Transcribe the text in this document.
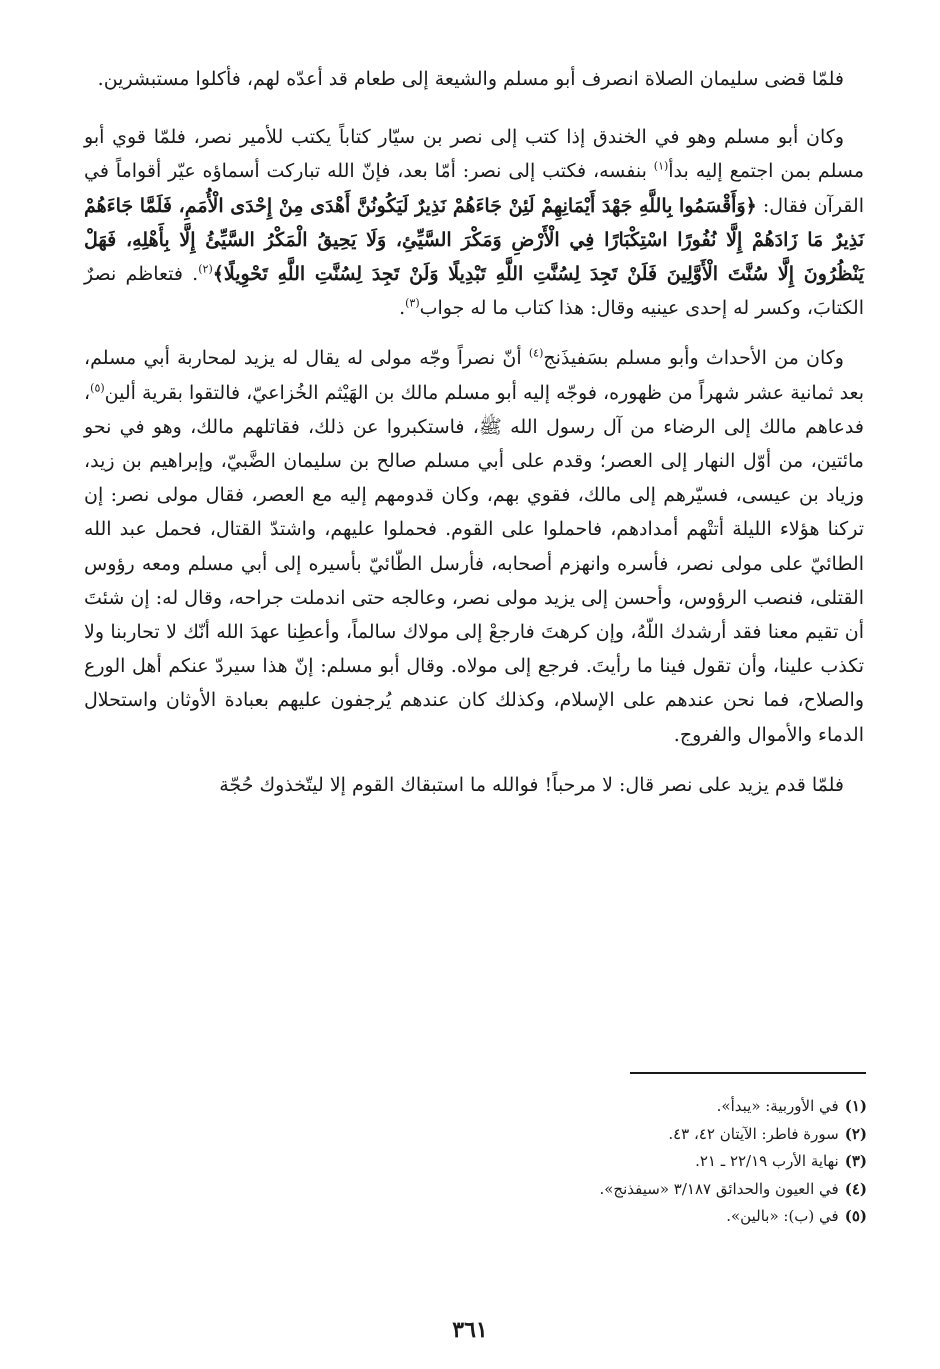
فلمّا قضى سليمان الصلاة انصرف أبو مسلم والشيعة إلى طعام قد أعدّه لهم، فأكلوا مستبشرين.

وكان أبو مسلم وهو في الخندق إذا كتب إلى نصر بن سيّار كتاباً يكتب للأمير نصر، فلمّا قوي أبو مسلم بمن اجتمع إليه بدأ$^{(١)}$ بنفسه، فكتب إلى نصر: أمّا بعد، فإنّ الله تباركت أسماؤه عيّر أقواماً في القرآن فقال: ﴿وَأَقْسَمُوا بِاللَّهِ جَهْدَ أَيْمَانِهِمْ لَئِنْ جَاءَهُمْ نَذِيرٌ لَيَكُونُنَّ أَهْدَى مِنْ إِحْدَى الْأُمَمِ، فَلَمَّا جَاءَهُمْ نَذِيرٌ مَا زَادَهُمْ إِلَّا نُفُورًا اسْتِكْبَارًا فِي الْأَرْضِ وَمَكْرَ السَّيِّئِ، وَلَا يَحِيقُ الْمَكْرُ السَّيِّئُ إِلَّا بِأَهْلِهِ، فَهَلْ يَنْظُرُونَ إِلَّا سُنَّتَ الْأَوَّلِينَ فَلَنْ تَجِدَ لِسُنَّتِ اللَّهِ تَبْدِيلًا وَلَنْ تَجِدَ لِسُنَّتِ اللَّهِ تَحْوِيلًا﴾$^{(٢)}$. فتعاظم نصرٌ الكتابَ، وكسر له إحدى عينيه وقال: هذا كتاب ما له جواب$^{(٣)}$.

وكان من الأحداث وأبو مسلم بسَفيذَنج$^{(٤)}$ أنّ نصراً وجّه مولى له يقال له يزيد لمحاربة أبي مسلم، بعد ثمانية عشر شهراً من ظهوره، فوجّه إليه أبو مسلم مالك بن الهَيْثم الخُزاعيّ، فالتقوا بقرية ألين$^{(٥)}$، فدعاهم مالك إلى الرضاء من آل رسول الله ﷺ، فاستكبروا عن ذلك، فقاتلهم مالك، وهو في نحو مائتين، من أوّل النهار إلى العصر؛ وقدم على أبي مسلم صالح بن سليمان الضَّبيّ، وإبراهيم بن زيد، وزياد بن عيسى، فسيّرهم إلى مالك، فقوي بهم، وكان قدومهم إليه مع العصر، فقال مولى نصر: إن تركنا هؤلاء الليلة أتتْهم أمدادهم، فاحملوا على القوم. فحملوا عليهم، واشتدّ القتال، فحمل عبد الله الطائيّ على مولى نصر، فأسره وانهزم أصحابه، فأرسل الطّائيّ بأسيره إلى أبي مسلم ومعه رؤوس القتلى، فنصب الرؤوس، وأحسن إلى يزيد مولى نصر، وعالجه حتى اندملت جراحه، وقال له: إن شئتَ أن تقيم معنا فقد أرشدك اللّهُ، وإن كرهتَ فارجعْ إلى مولاك سالماً، وأعطِنا عهدَ الله أنّك لا تحاربنا ولا تكذب علينا، وأن تقول فينا ما رأيتَ. فرجع إلى مولاه. وقال أبو مسلم: إنّ هذا سيردّ عنكم أهل الورع والصلاح، فما نحن عندهم على الإسلام، وكذلك كان عندهم يُرجفون عليهم بعبادة الأوثان واستحلال الدماء والأموال والفروج.

فلمّا قدم يزيد على نصر قال: لا مرحباً! فوالله ما استبقاك القوم إلا ليتّخذوك حُجّة

(١)في الأوربية: «يبدأ».
(٢)سورة فاطر: الآيتان ٤٢، ٤٣.
(٣)نهاية الأرب ٢٢/١٩ ـ ٢١.
(٤)في العيون والحدائق ٣/١٨٧ «سيفذنج».
(٥)في (ب): «بالين».
٣٦١
